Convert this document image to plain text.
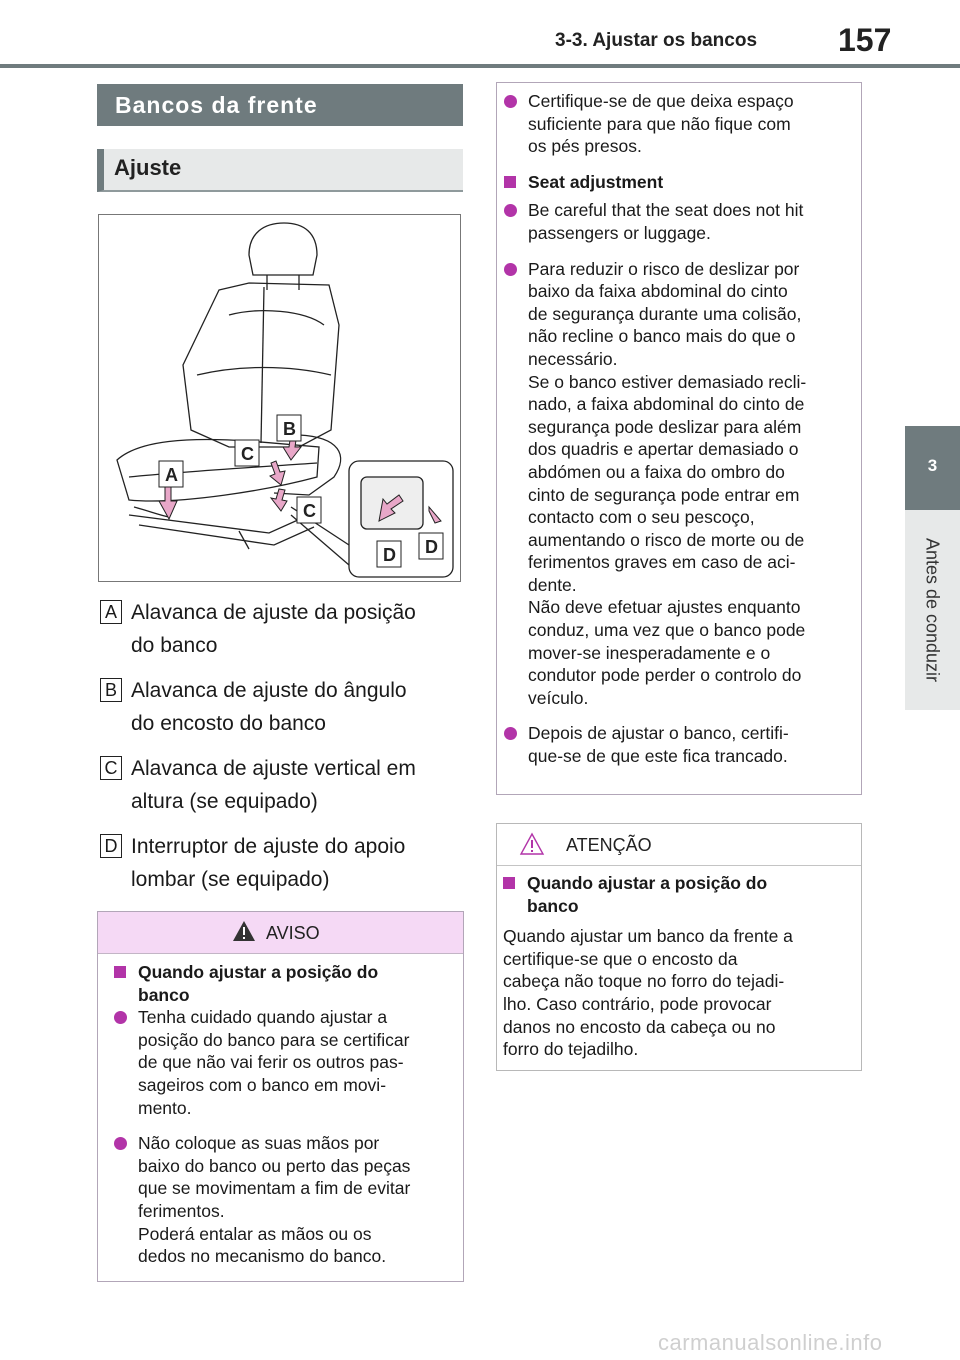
3-3. Ajustar os bancos	157
3
Antes de conduzir
Bancos da frente
Ajuste
A
B
C
C
D D
A Alavanca de ajuste da posição
do banco
B Alavanca de ajuste do ângulo
do encosto do banco
C Alavanca de ajuste vertical em
altura (se equipado)
D Interruptor de ajuste do apoio
lombar (se equipado)
AVISO
Quando ajustar a posição do
banco
Tenha cuidado quando ajustar a
posição do banco para se certificar
de que não vai ferir os outros pas-
sageiros com o banco em movi-
mento.
Não coloque as suas mãos por
baixo do banco ou perto das peças
que se movimentam a fim de evitar
ferimentos.
Poderá entalar as mãos ou os
dedos no mecanismo do banco.
Certifique-se de que deixa espaço
suficiente para que não fique com
os pés presos.
Seat adjustment
Be careful that the seat does not hit
passengers or luggage.
Para reduzir o risco de deslizar por
baixo da faixa abdominal do cinto
de segurança durante uma colisão,
não recline o banco mais do que o
necessário.
Se o banco estiver demasiado recli-
nado, a faixa abdominal do cinto de
segurança pode deslizar para além
dos quadris e apertar demasiado o
abdómen ou a faixa do ombro do
cinto de segurança pode entrar em
contacto com o seu pescoço,
aumentando o risco de morte ou de
ferimentos graves em caso de aci-
dente.
Não deve efetuar ajustes enquanto
conduz, uma vez que o banco pode
mover-se inesperadamente e o
condutor pode perder o controlo do
veículo.
Depois de ajustar o banco, certifi-
que-se de que este fica trancado.
ATENÇÃO
Quando ajustar a posição do
banco
Quando ajustar um banco da frente a
certifique-se que o encosto da
cabeça não toque no forro do tejadi-
lho. Caso contrário, pode provocar
danos no encosto da cabeça ou no
forro do tejadilho.
carmanualsonline.info
